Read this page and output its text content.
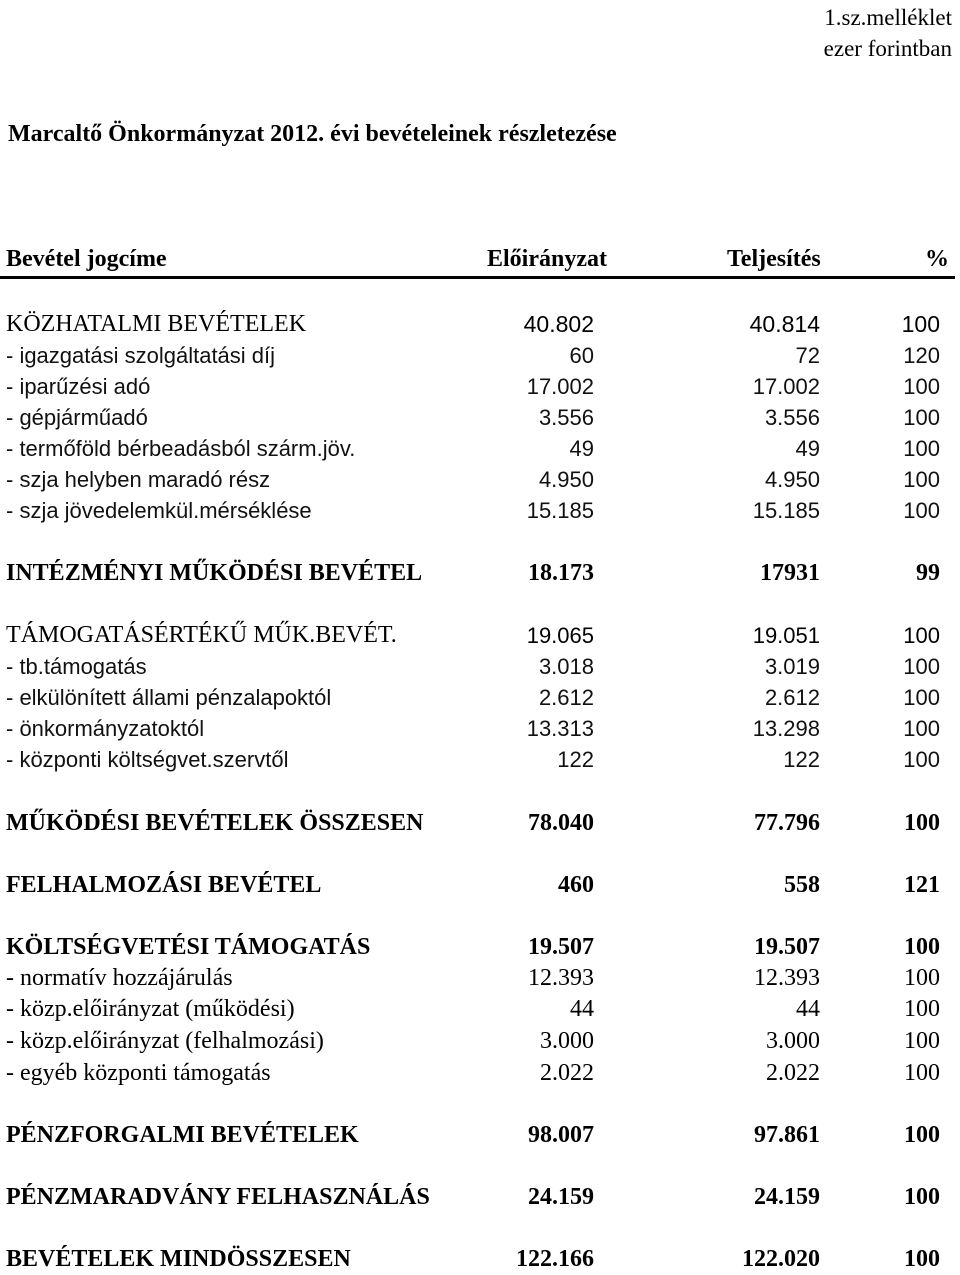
1.sz.melléklet
ezer forintban
Marcaltő Önkormányzat 2012. évi bevételeinek részletezése
Bevétel jogcíme	Előirányzat	Teljesítés	%
KÖZHATALMI BEVÉTELEK	40.802	40.814	100
- igazgatási szolgáltatási díj	60	72	120
- iparűzési adó	17.002	17.002	100
- gépjárműadó	3.556	3.556	100
- termőföld bérbeadásból szárm.jöv.	49	49	100
- szja helyben maradó rész	4.950	4.950	100
- szja jövedelemkül.mérséklése	15.185	15.185	100
INTÉZMÉNYI MŰKÖDÉSI BEVÉTEL	18.173	17931	99
TÁMOGATÁSÉRTÉKŰ MŰK.BEVÉT.	19.065	19.051	100
- tb.támogatás	3.018	3.019	100
- elkülönített állami pénzalapoktól	2.612	2.612	100
- önkormányzatoktól	13.313	13.298	100
- központi költségvet.szervtől	122	122	100
MŰKÖDÉSI BEVÉTELEK ÖSSZESEN	78.040	77.796	100
FELHALMOZÁSI BEVÉTEL	460	558	121
KÖLTSÉGVETÉSI TÁMOGATÁS	19.507	19.507	100
- normatív hozzájárulás	12.393	12.393	100
- közp.előirányzat (működési)	44	44	100
- közp.előirányzat (felhalmozási)	3.000	3.000	100
- egyéb központi támogatás	2.022	2.022	100
PÉNZFORGALMI BEVÉTELEK	98.007	97.861	100
PÉNZMARADVÁNY FELHASZNÁLÁS	24.159	24.159	100
BEVÉTELEK MINDÖSSZESEN	122.166	122.020	100
